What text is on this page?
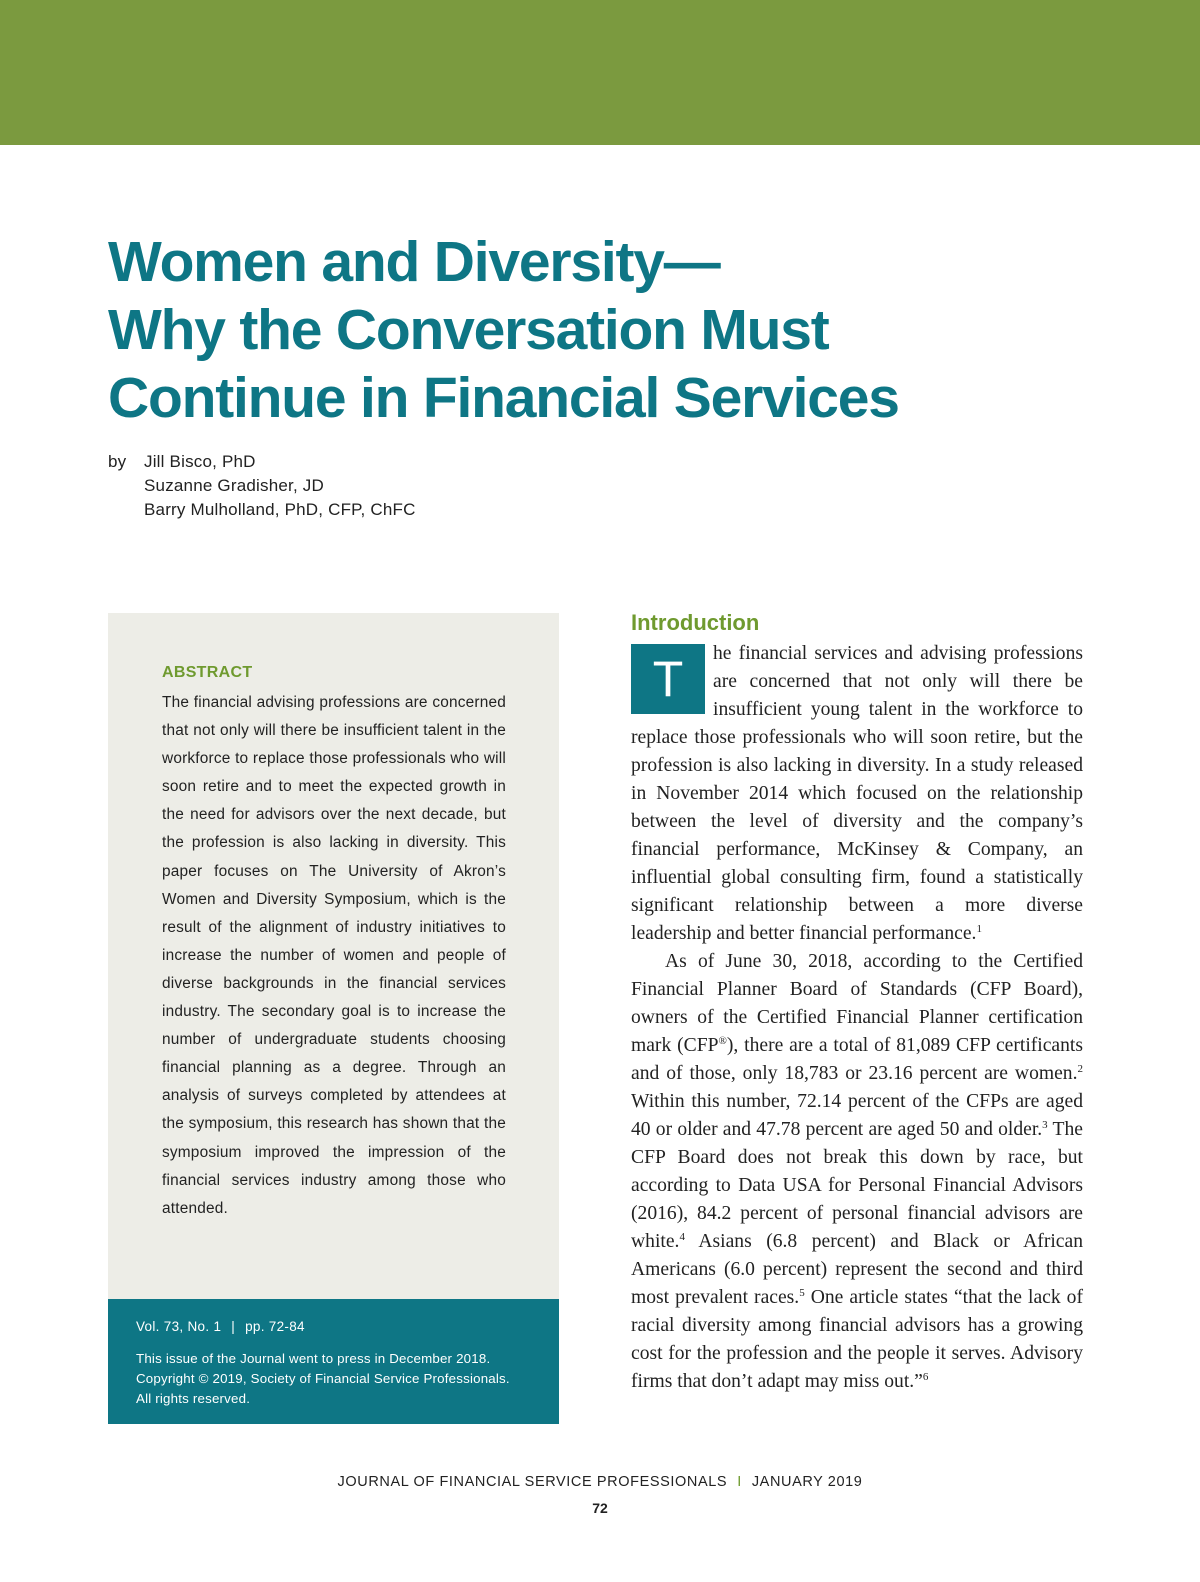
Women and Diversity—
Why the Conversation Must
Continue in Financial Services
by Jill Bisco, PhD
Suzanne Gradisher, JD
Barry Mulholland, PhD, CFP, ChFC
ABSTRACT

The financial advising professions are concerned that not only will there be insufficient talent in the workforce to replace those professionals who will soon retire and to meet the expected growth in the need for advisors over the next decade, but the profession is also lacking in diversity. This paper focuses on The University of Akron’s Women and Diversity Symposium, which is the result of the alignment of industry initiatives to increase the number of women and people of diverse backgrounds in the financial services industry. The secondary goal is to increase the number of undergraduate students choosing financial planning as a degree. Through an analysis of surveys completed by attendees at the symposium, this research has shown that the symposium improved the impression of the financial services industry among those who attended.

Vol. 73, No. 1 | pp. 72-84
This issue of the Journal went to press in December 2018.
Copyright © 2019, Society of Financial Service Professionals.
All rights reserved.
Introduction

T	he financial services and advising professions are concerned that not only will there be insufficient young talent in the workforce to replace those professionals who will soon retire, but the profession is also lacking in diversity. In a study released in November 2014 which focused on the relationship between the level of diversity and the company’s financial performance, McKinsey & Company, an influential global consulting firm, found a statistically significant relationship between a more diverse leadership and better financial performance.$^1$

As of June 30, 2018, according to the Certified Financial Planner Board of Standards (CFP Board), owners of the Certified Financial Planner certification mark (CFP®), there are a total of 81,089 CFP certificants and of those, only 18,783 or 23.16 percent are women.$^2$ Within this number, 72.14 percent of the CFPs are aged 40 or older and 47.78 percent are aged 50 and older.$^3$ The CFP Board does not break this down by race, but according to Data USA for Personal Financial Advisors (2016), 84.2 percent of personal financial advisors are white.$^4$ Asians (6.8 percent) and Black or African Americans (6.0 percent) represent the second and third most prevalent races.$^5$ One article states “that the lack of racial diversity among financial advisors has a growing cost for the profession and the people it serves. Advisory firms that don’t adapt may miss out.”$^6$

JOURNAL OF FINANCIAL SERVICE PROFESSIONALS I JANUARY 2019
72
